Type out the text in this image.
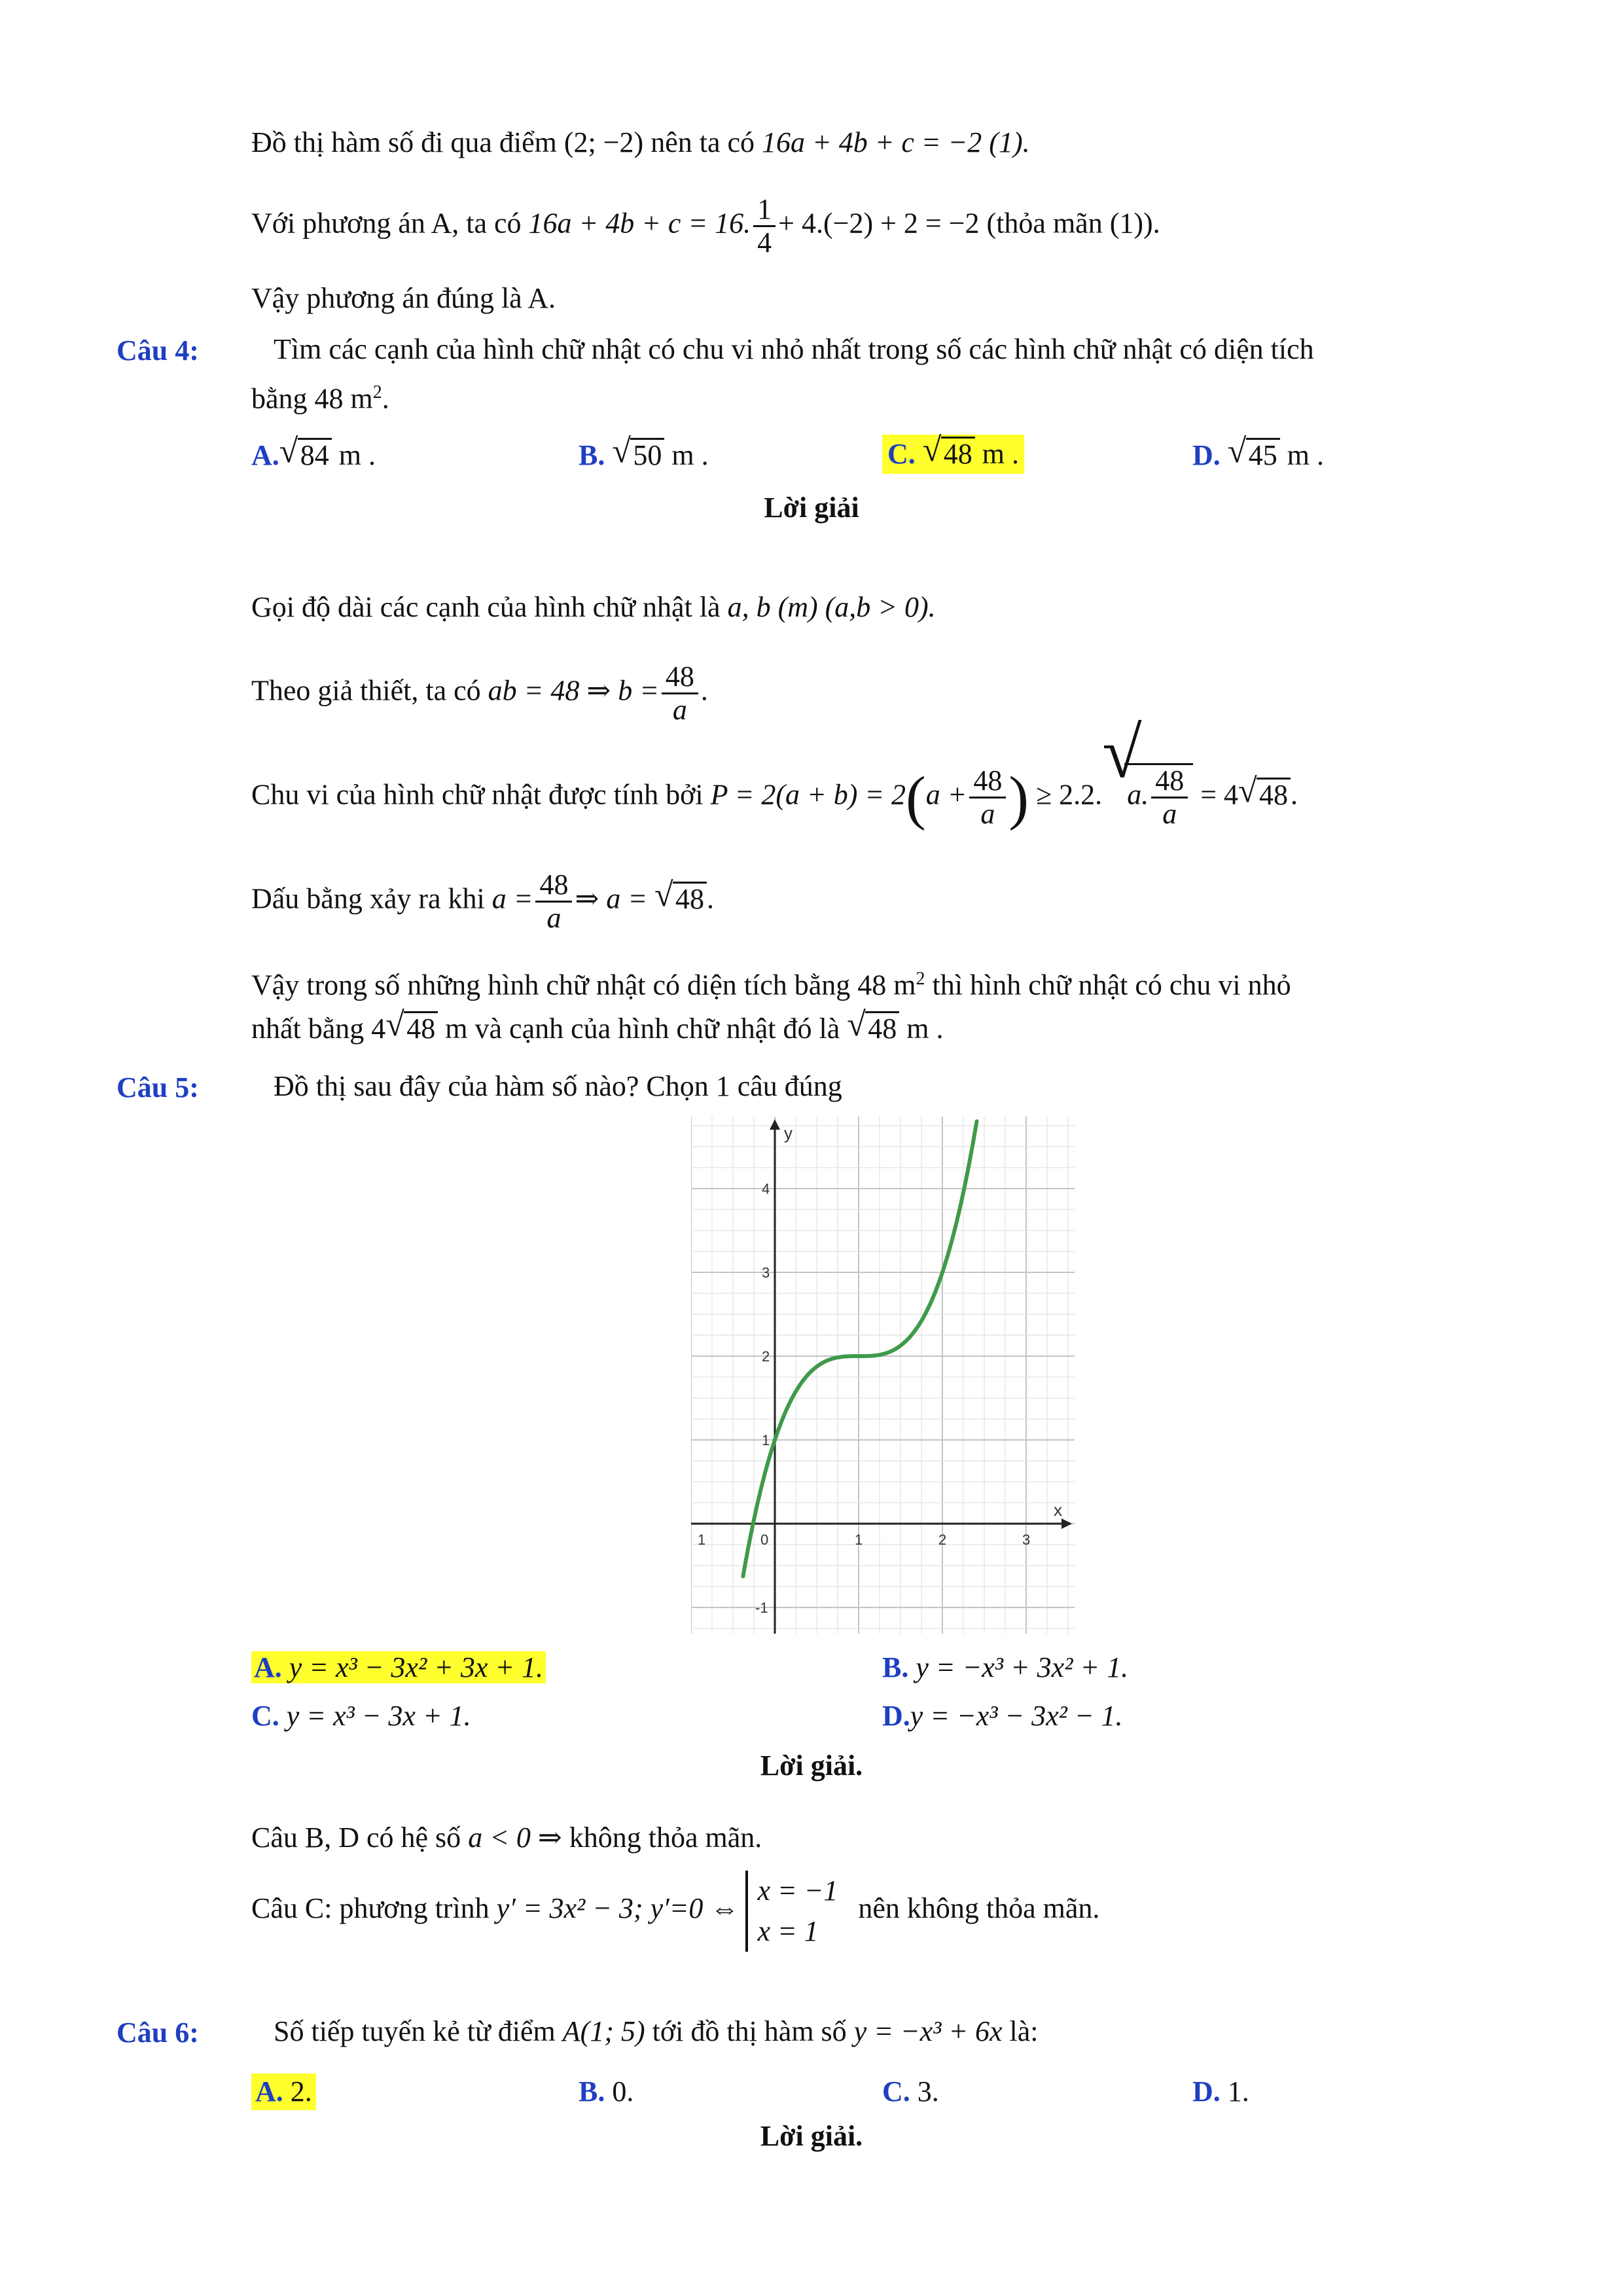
Đồ thị hàm số đi qua điểm (2; −2) nên ta có 16a + 4b + c = −2 (1).
Với phương án A, ta có 16a + 4b + c = 16. $\frac{1}{4} + 4.(-2) + 2 = -2$ (thỏa mãn (1)).
Vậy phương án đúng là A.
Câu 4:	Tìm các cạnh của hình chữ nhật có chu vi nhỏ nhất trong số các hình chữ nhật có diện tích
bằng 48 $m^2$.
A. √ 84 m .	B. √ 50 m .	C. √ 48 m .	D. √ 45 m .
Lời giải
Gọi độ dài các cạnh của hình chữ nhật là a, b (m) (a,b > 0).
Theo giả thiết, ta có ab = 48 ⇒ $b = \frac{48}{a}$ .
Chu vi của hình chữ nhật được tính bởi $P = 2(a + b) = 2(a + \frac{48}{a}$ ) ≥ 2.2.
√
a. $\frac{48}{a} = 4$ √ 48.
Dấu bằng xảy ra khi $a = \frac{48}{a}$ ⇒ a = √ 48.
Vậy trong số những hình chữ nhật có diện tích bằng 48 $m^2$ thì hình chữ nhật có chu vi nhỏ
nhất bằng 4 √ 48 m và cạnh của hình chữ nhật đó là √ 48 m .
Câu 5:	Đồ thị sau đây của hàm số nào? Chọn 1 câu đúng
x
y
1	0	1	2	3
-1
1
2
3
4
A. y = x³ − 3x² + 3x + 1.	B. y = −x³ + 3x² + 1.
C. y = x³ − 3x + 1.	D.y = −x³ − 3x² − 1.
Lời giải.
Câu B, D có hệ số a < 0 ⇒ không thỏa mãn.
Câu C: phương trình y′ = 3x² − 3; y′=0 ⇔
x = −1
x = 1
nên không thỏa mãn.
Câu 6:	Số tiếp tuyến kẻ từ điểm A(1; 5) tới đồ thị hàm số y = −x³ + 6x là:
A. 2.	B. 0.	C. 3.	D. 1.
Lời giải.
